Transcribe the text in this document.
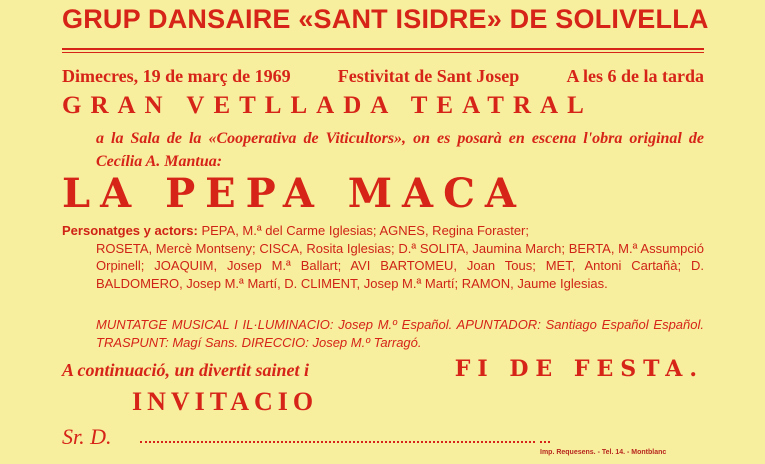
GRUP DANSAIRE «SANT ISIDRE» DE SOLIVELLA
Dimecres, 19 de març de 1969	Festivitat de Sant Josep	A les 6 de la tarda
GRAN VETLLADA TEATRAL
a la Sala de la «Cooperativa de Viticultors», on es posarà en escena l'obra original de Cecília A. Mantua:
LA PEPA MACA
Personatges y actors: PEPA, M.ª del Carme Iglesias; AGNES, Regina Foraster;
ROSETA, Mercè Montseny; CISCA, Rosita Iglesias; D.ª SOLITA, Jaumina March; BERTA, M.ª Assumpció Orpinell; JOAQUIM, Josep M.ª Ballart; AVI BARTOMEU, Joan Tous; MET, Antoni Cartañà; D. BALDOMERO, Josep M.ª Martí, D. CLIMENT, Josep M.ª Martí; RAMON, Jaume Iglesias.
MUNTATGE MUSICAL I IL·LUMINACIO: Josep M.º Español. APUNTADOR: Santiago Español Español. TRASPUNT: Magí Sans. DIRECCIO: Josep M.º Tarragó.
A continuació, un divertit sainet i	FI DE FESTA.
INVITACIO
Sr. D.
Imp. Requesens. - Tel. 14. - Montblanc
